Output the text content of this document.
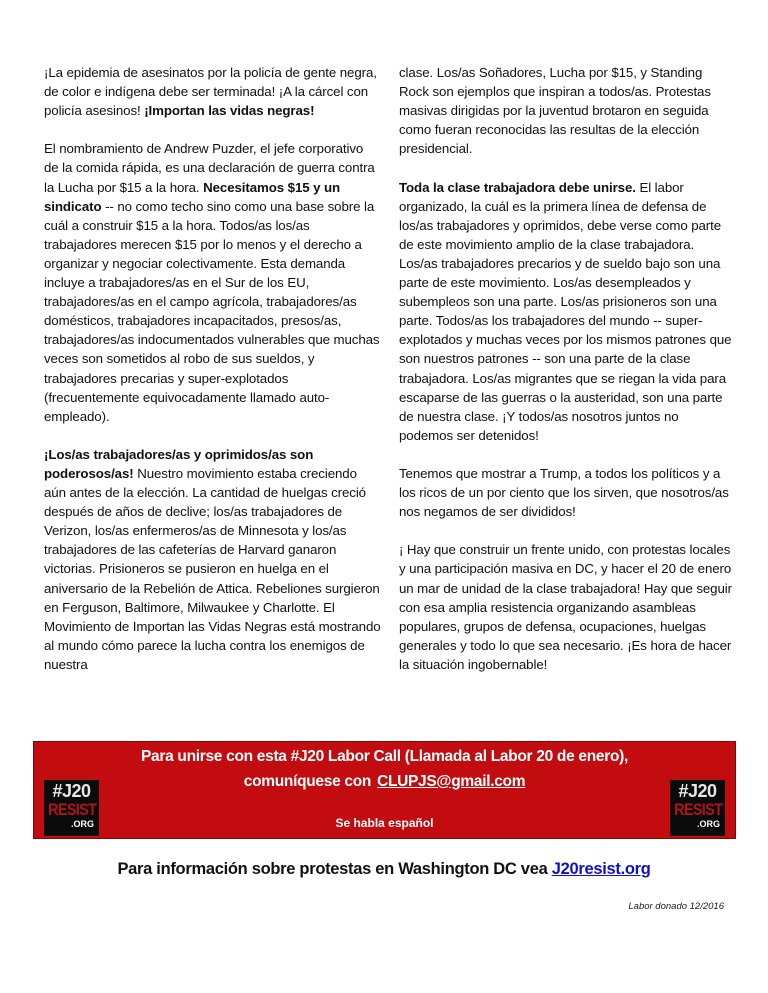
¡La epidemia de asesinatos por la policía de gente negra, de color e indígena debe ser terminada! ¡A la cárcel con policía asesinos! ¡Importan las vidas negras!

El nombramiento de Andrew Puzder, el jefe corporativo de la comida rápida, es una declaración de guerra contra la Lucha por $15 a la hora. Necesitamos $15 y un sindicato -- no como techo sino como una base sobre la cuál a construir $15 a la hora. Todos/as los/as trabajadores merecen $15 por lo menos y el derecho a organizar y negociar colectivamente. Esta demanda incluye a trabajadores/as en el Sur de los EU, trabajadores/as en el campo agrícola, trabajadores/as domésticos, trabajadores incapacitados, presos/as, trabajadores/as indocumentados vulnerables que muchas veces son sometidos al robo de sus sueldos, y trabajadores precarias y super-explotados (frecuentemente equivocadamente llamado auto-empleado).

¡Los/as trabajadores/as y oprimidos/as son poderosos/as! Nuestro movimiento estaba creciendo aún antes de la elección. La cantidad de huelgas creció después de años de declive; los/as trabajadores de Verizon, los/as enfermeros/as de Minnesota y los/as trabajadores de las cafeterías de Harvard ganaron victorias. Prisioneros se pusieron en huelga en el aniversario de la Rebelión de Attica. Rebeliones surgieron en Ferguson, Baltimore, Milwaukee y Charlotte. El Movimiento de Importan las Vidas Negras está mostrando al mundo cómo parece la lucha contra los enemigos de nuestra

clase. Los/as Soñadores, Lucha por $15, y Standing Rock son ejemplos que inspiran a todos/as. Protestas masivas dirigidas por la juventud brotaron en seguida como fueran reconocidas las resultas de la elección presidencial.

Toda la clase trabajadora debe unirse. El labor organizado, la cuál es la primera línea de defensa de los/as trabajadores y oprimidos, debe verse como parte de este movimiento amplio de la clase trabajadora. Los/as trabajadores precarios y de sueldo bajo son una parte de este movimiento. Los/as desempleados y subempleos son una parte. Los/as prisioneros son una parte. Todos/as los trabajadores del mundo -- super-explotados y muchas veces por los mismos patrones que son nuestros patrones -- son una parte de la clase trabajadora. Los/as migrantes que se riegan la vida para escaparse de las guerras o la austeridad, son una parte de nuestra clase. ¡Y todos/as nosotros juntos no podemos ser detenidos!

Tenemos que mostrar a Trump, a todos los políticos y a los ricos de un por ciento que los sirven, que nosotros/as nos negamos de ser divididos!

¡ Hay que construir un frente unido, con protestas locales y una participación masiva en DC, y hacer el 20 de enero un mar de unidad de la clase trabajadora! Hay que seguir con esa amplia resistencia organizando asambleas populares, grupos de defensa, ocupaciones, huelgas generales y todo lo que sea necesario. ¡Es hora de hacer la situación ingobernable!

#J20
RESIST
.ORG
Para unirse con esta #J20 Labor Call (Llamada al Labor 20 de enero),
comuníquese con CLUPJS@gmail.com
Se habla español
#J20
RESIST
.ORG
Para información sobre protestas en Washington DC vea J20resist.org
Labor donado 12/2016
